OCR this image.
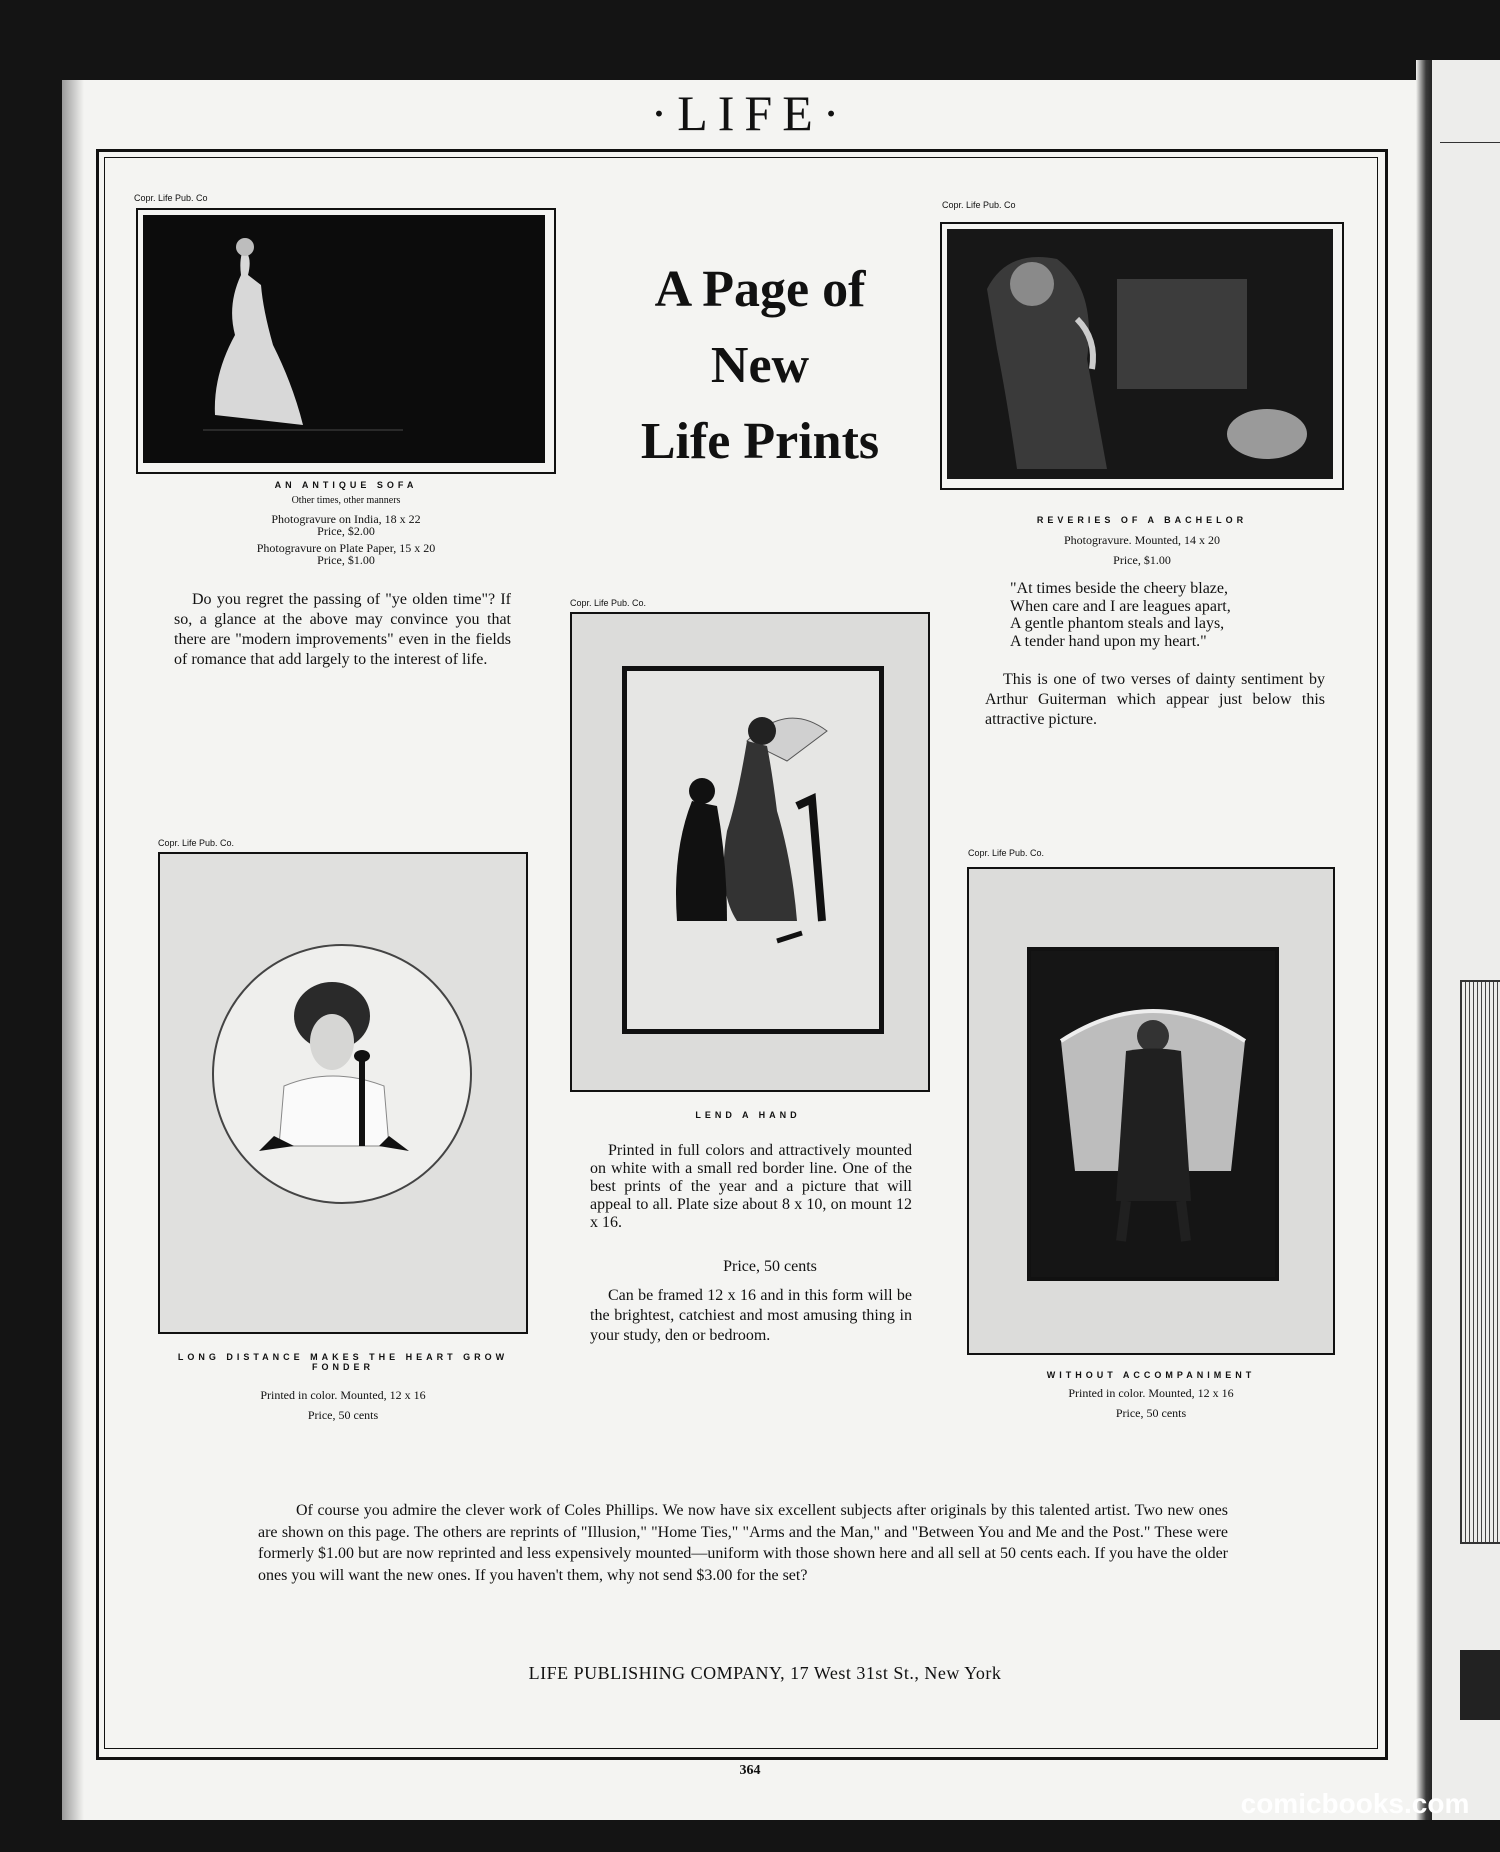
·LIFE·
A Page of
New
Life Prints
Copr. Life Pub. Co
AN ANTIQUE SOFA
Other times, other manners
Photogravure on India, 18 x 22
Price, $2.00
Photogravure on Plate Paper, 15 x 20
Price, $1.00
Do you regret the passing of "ye olden time"? If so, a glance at the above may convince you that there are "modern improvements" even in the fields of romance that add largely to the interest of life.
Copr. Life Pub. Co
REVERIES OF A BACHELOR
Photogravure. Mounted, 14 x 20
Price, $1.00
"At times beside the cheery blaze,
When care and I are leagues apart,
A gentle phantom steals and lays,
A tender hand upon my heart."
This is one of two verses of dainty sentiment by Arthur Guiterman which appear just below this attractive picture.
Copr. Life Pub. Co.
LEND A HAND
Printed in full colors and attractively mounted on white with a small red border line. One of the best prints of the year and a picture that will appeal to all. Plate size about 8 x 10, on mount 12 x 16.
Price, 50 cents
Can be framed 12 x 16 and in this form will be the brightest, catchiest and most amusing thing in your study, den or bedroom.
Copr. Life Pub. Co.
LONG DISTANCE MAKES THE HEART GROW FONDER
Printed in color. Mounted, 12 x 16
Price, 50 cents
Copr. Life Pub. Co.
WITHOUT ACCOMPANIMENT
Printed in color. Mounted, 12 x 16
Price, 50 cents
Of course you admire the clever work of Coles Phillips. We now have six excellent subjects after originals by this talented artist. Two new ones are shown on this page. The others are reprints of "Illusion," "Home Ties," "Arms and the Man," and "Between You and Me and the Post." These were formerly $1.00 but are now reprinted and less expensively mounted—uniform with those shown here and all sell at 50 cents each. If you have the older ones you will want the new ones. If you haven't them, why not send $3.00 for the set?
LIFE PUBLISHING COMPANY, 17 West 31st St., New York
364
comicbooks.com
